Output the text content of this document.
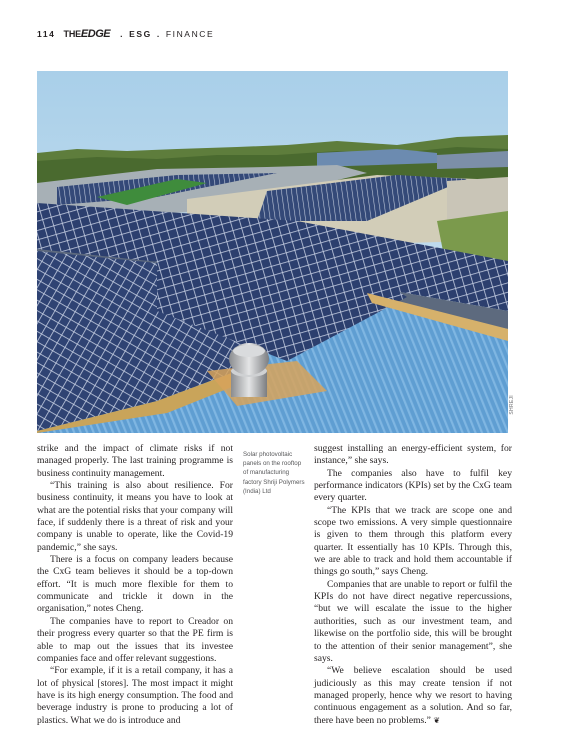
114 THEEDGE . ESG . FINANCE
SHREJI

strike and the impact of climate risks if not managed properly. The last training programme is business continuity management.

“This training is also about resilience. For business continuity, it means you have to look at what are the potential risks that your company will face, if suddenly there is a threat of risk and your company is unable to operate, like the Covid-19 pandemic,” she says.

There is a focus on company leaders because the CxG team believes it should be a top-down effort. “It is much more flexible for them to communicate and trickle it down in the organisation,” notes Cheng.

The companies have to report to Creador on their progress every quarter so that the PE firm is able to map out the issues that its investee companies face and offer relevant suggestions.

“For example, if it is a retail company, it has a lot of physical [stores]. The most impact it might have is its high energy consumption. The food and beverage industry is prone to producing a lot of plastics. What we do is introduce and

Solar photovoltaic panels on the rooftop of manufacturing factory Shriji Polymers (India) Ltd

suggest installing an energy-efficient system, for instance,” she says.

The companies also have to fulfil key performance indicators (KPIs) set by the CxG team every quarter.

“The KPIs that we track are scope one and scope two emissions. A very simple questionnaire is given to them through this platform every quarter. It essentially has 10 KPIs. Through this, we are able to track and hold them accountable if things go south,” says Cheng.

Companies that are unable to report or fulfil the KPIs do not have direct negative repercussions, “but we will escalate the issue to the higher authorities, such as our investment team, and likewise on the portfolio side, this will be brought to the attention of their senior management”, she says.

“We believe escalation should be used judiciously as this may create tension if not managed properly, hence why we resort to having continuous engagement as a solution. And so far, there have been no problems.” ❦
